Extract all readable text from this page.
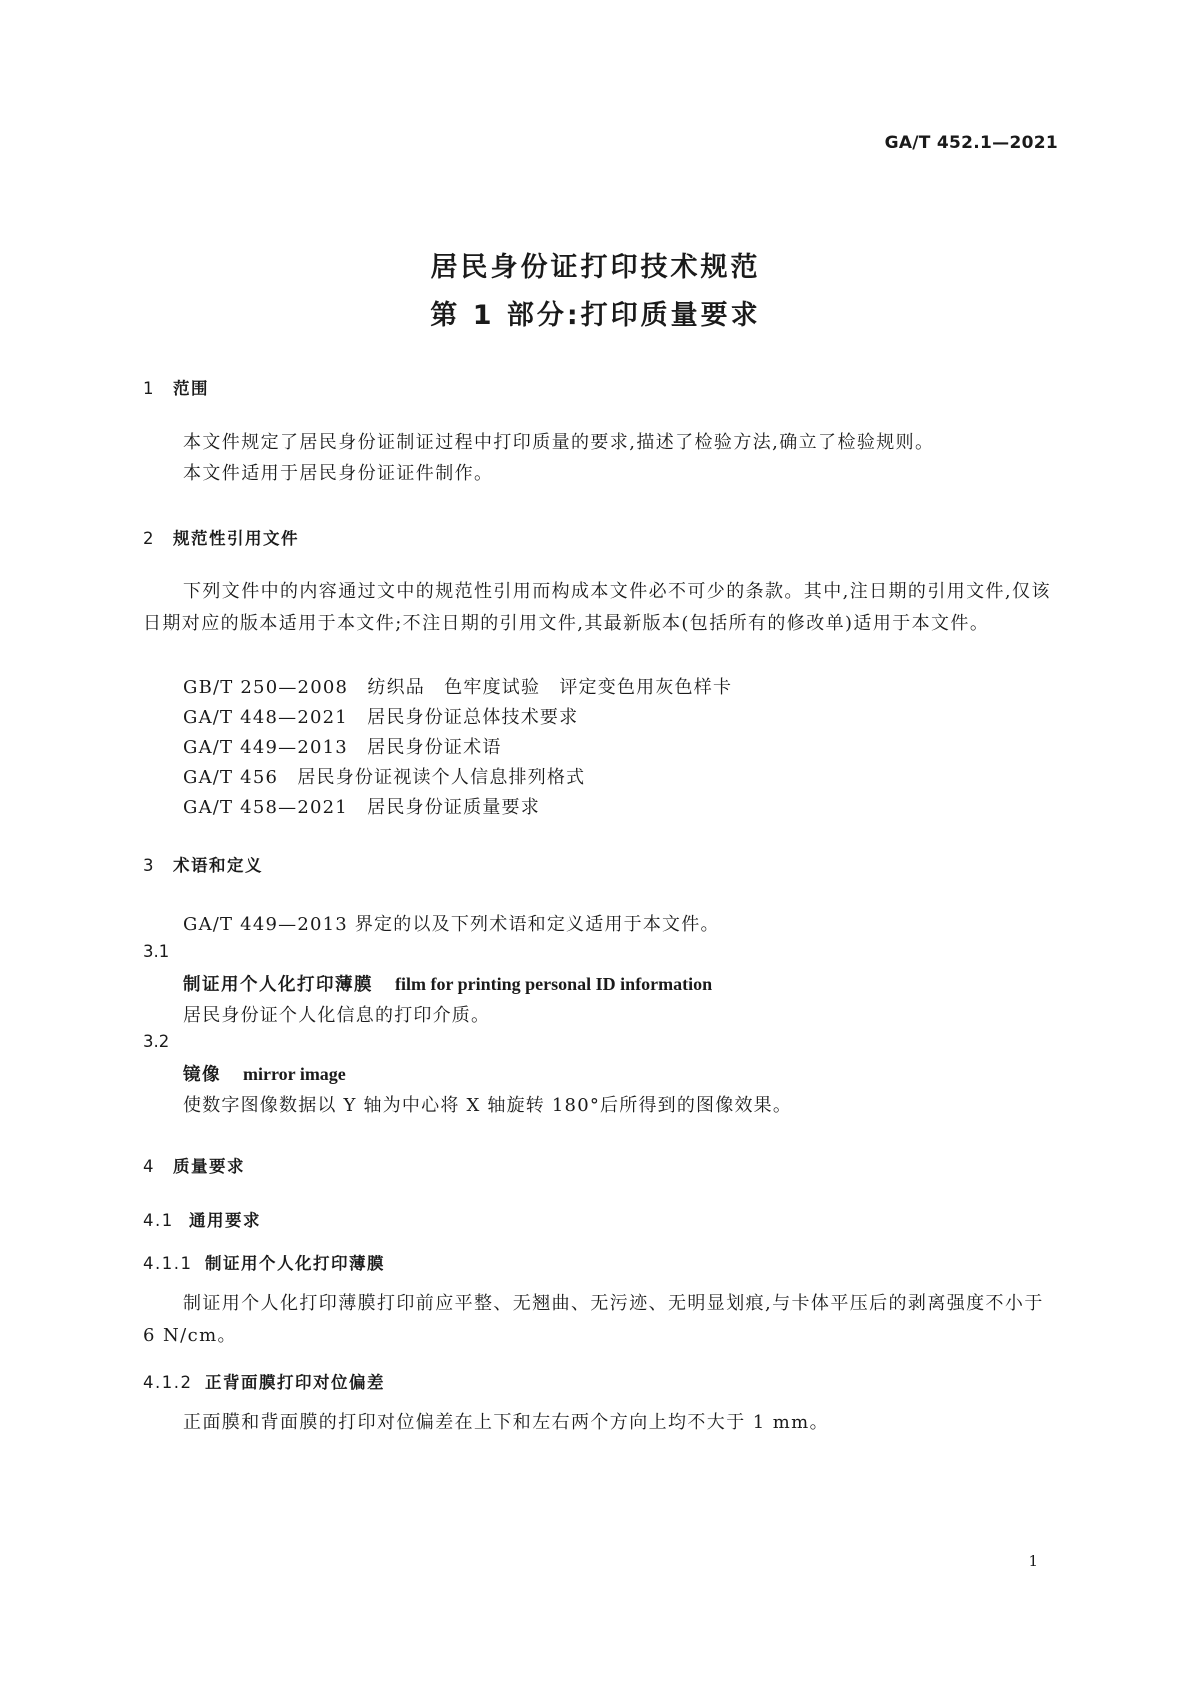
GA/T 452.1—2021
居民身份证打印技术规范
第 1 部分:打印质量要求
1 范围
本文件规定了居民身份证制证过程中打印质量的要求,描述了检验方法,确立了检验规则。
本文件适用于居民身份证证件制作。
2 规范性引用文件
下列文件中的内容通过文中的规范性引用而构成本文件必不可少的条款。其中,注日期的引用文件,仅该日期对应的版本适用于本文件;不注日期的引用文件,其最新版本(包括所有的修改单)适用于本文件。
GB/T 250—2008　纺织品　色牢度试验　评定变色用灰色样卡
GA/T 448—2021　居民身份证总体技术要求
GA/T 449—2013　居民身份证术语
GA/T 456　居民身份证视读个人信息排列格式
GA/T 458—2021　居民身份证质量要求
3 术语和定义
GA/T 449—2013 界定的以及下列术语和定义适用于本文件。
3.1
制证用个人化打印薄膜 film for printing personal ID information
居民身份证个人化信息的打印介质。
3.2
镜像 mirror image
使数字图像数据以 Y 轴为中心将 X 轴旋转 180°后所得到的图像效果。
4 质量要求
4.1 通用要求
4.1.1 制证用个人化打印薄膜
制证用个人化打印薄膜打印前应平整、无翘曲、无污迹、无明显划痕,与卡体平压后的剥离强度不小于 6 N/cm。
4.1.2 正背面膜打印对位偏差
正面膜和背面膜的打印对位偏差在上下和左右两个方向上均不大于 1 mm。
1
